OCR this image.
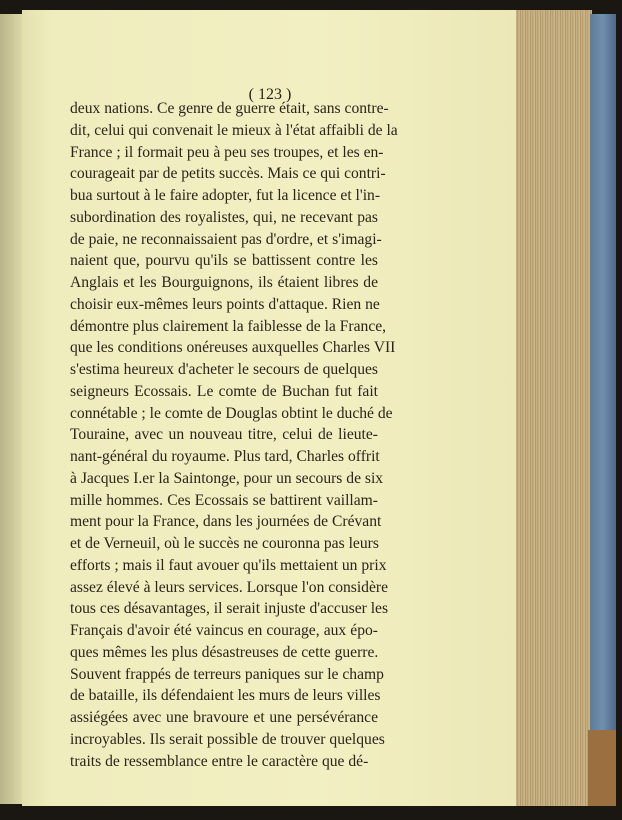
( 123 )
deux nations. Ce genre de guerre était, sans contre-
dit, celui qui convenait le mieux à l'état affaibli de la
France ; il formait peu à peu ses troupes, et les en-
courageait par de petits succès. Mais ce qui contri-
bua surtout à le faire adopter, fut la licence et l'in-
subordination des royalistes, qui, ne recevant pas
de paie, ne reconnaissaient pas d'ordre, et s'imagi-
naient que, pourvu qu'ils se battissent contre les
Anglais et les Bourguignons, ils étaient libres de
choisir eux-mêmes leurs points d'attaque. Rien ne
démontre plus clairement la faiblesse de la France,
que les conditions onéreuses auxquelles Charles VII
s'estima heureux d'acheter le secours de quelques
seigneurs Ecossais. Le comte de Buchan fut fait
connétable ; le comte de Douglas obtint le duché de
Touraine, avec un nouveau titre, celui de lieute-
nant-général du royaume. Plus tard, Charles offrit
à Jacques I.er la Saintonge, pour un secours de six
mille hommes. Ces Ecossais se battirent vaillam-
ment pour la France, dans les journées de Crévant
et de Verneuil, où le succès ne couronna pas leurs
efforts ; mais il faut avouer qu'ils mettaient un prix
assez élevé à leurs services. Lorsque l'on considère
tous ces désavantages, il serait injuste d'accuser les
Français d'avoir été vaincus en courage, aux épo-
ques mêmes les plus désastreuses de cette guerre.
Souvent frappés de terreurs paniques sur le champ
de bataille, ils défendaient les murs de leurs villes
assiégées avec une bravoure et une persévérance
incroyables. Ils serait possible de trouver quelques
traits de ressemblance entre le caractère que dé-
